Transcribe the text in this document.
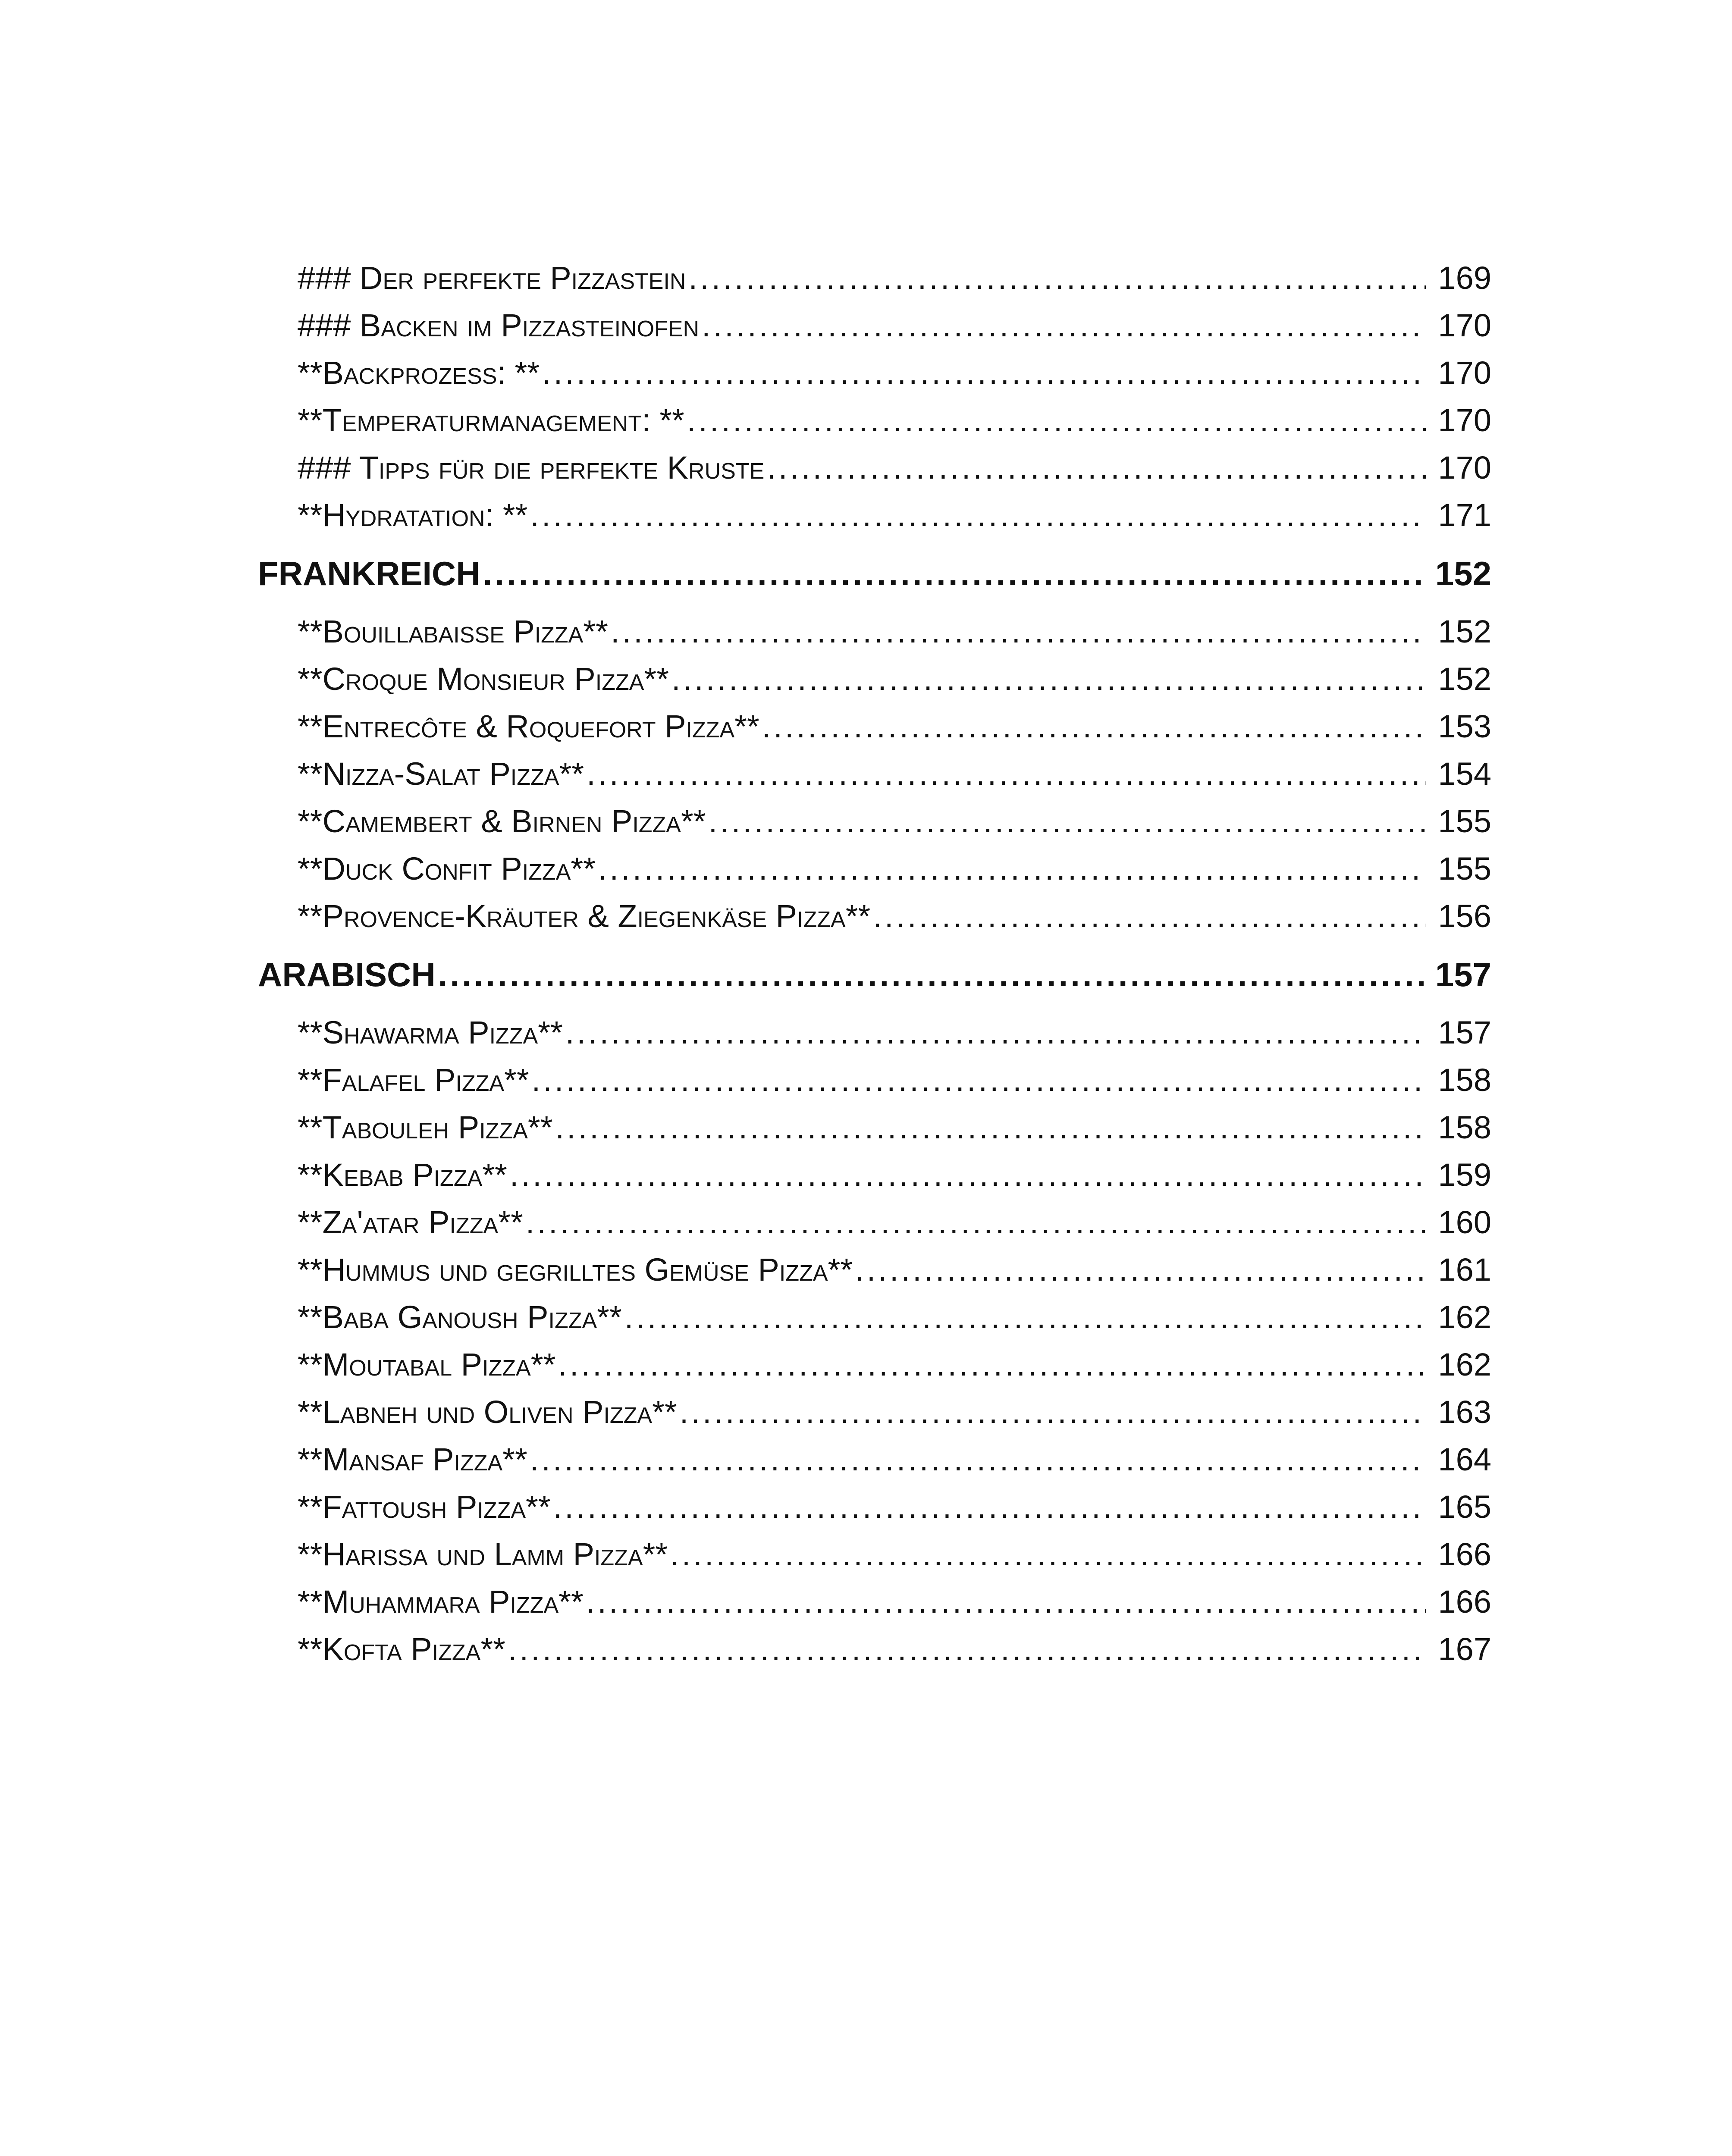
### Der perfekte Pizzastein .....	169
### Backen im Pizzasteinofen .....	170
**Backprozess: ** .....	170
**Temperaturmanagement: ** .....	170
### Tipps für die perfekte Kruste .....	170
**Hydratation: ** .....	171
FRANKREICH .....	152
**Bouillabaisse Pizza** .....	152
**Croque Monsieur Pizza** .....	152
**Entrecôte & Roquefort Pizza** .....	153
**Nizza-Salat Pizza** .....	154
**Camembert & Birnen Pizza** .....	155
**Duck Confit Pizza** .....	155
**Provence-Kräuter & Ziegenkäse Pizza** .....	156
ARABISCH .....	157
**Shawarma Pizza** .....	157
**Falafel Pizza** .....	158
**Tabouleh Pizza** .....	158
**Kebab Pizza** .....	159
**Za'atar Pizza** .....	160
**Hummus und gegrilltes Gemüse Pizza** .....	161
**Baba Ganoush Pizza** .....	162
**Moutabal Pizza** .....	162
**Labneh und Oliven Pizza** .....	163
**Mansaf Pizza** .....	164
**Fattoush Pizza** .....	165
**Harissa und Lamm Pizza** .....	166
**Muhammara Pizza** .....	166
**Kofta Pizza** .....	167
